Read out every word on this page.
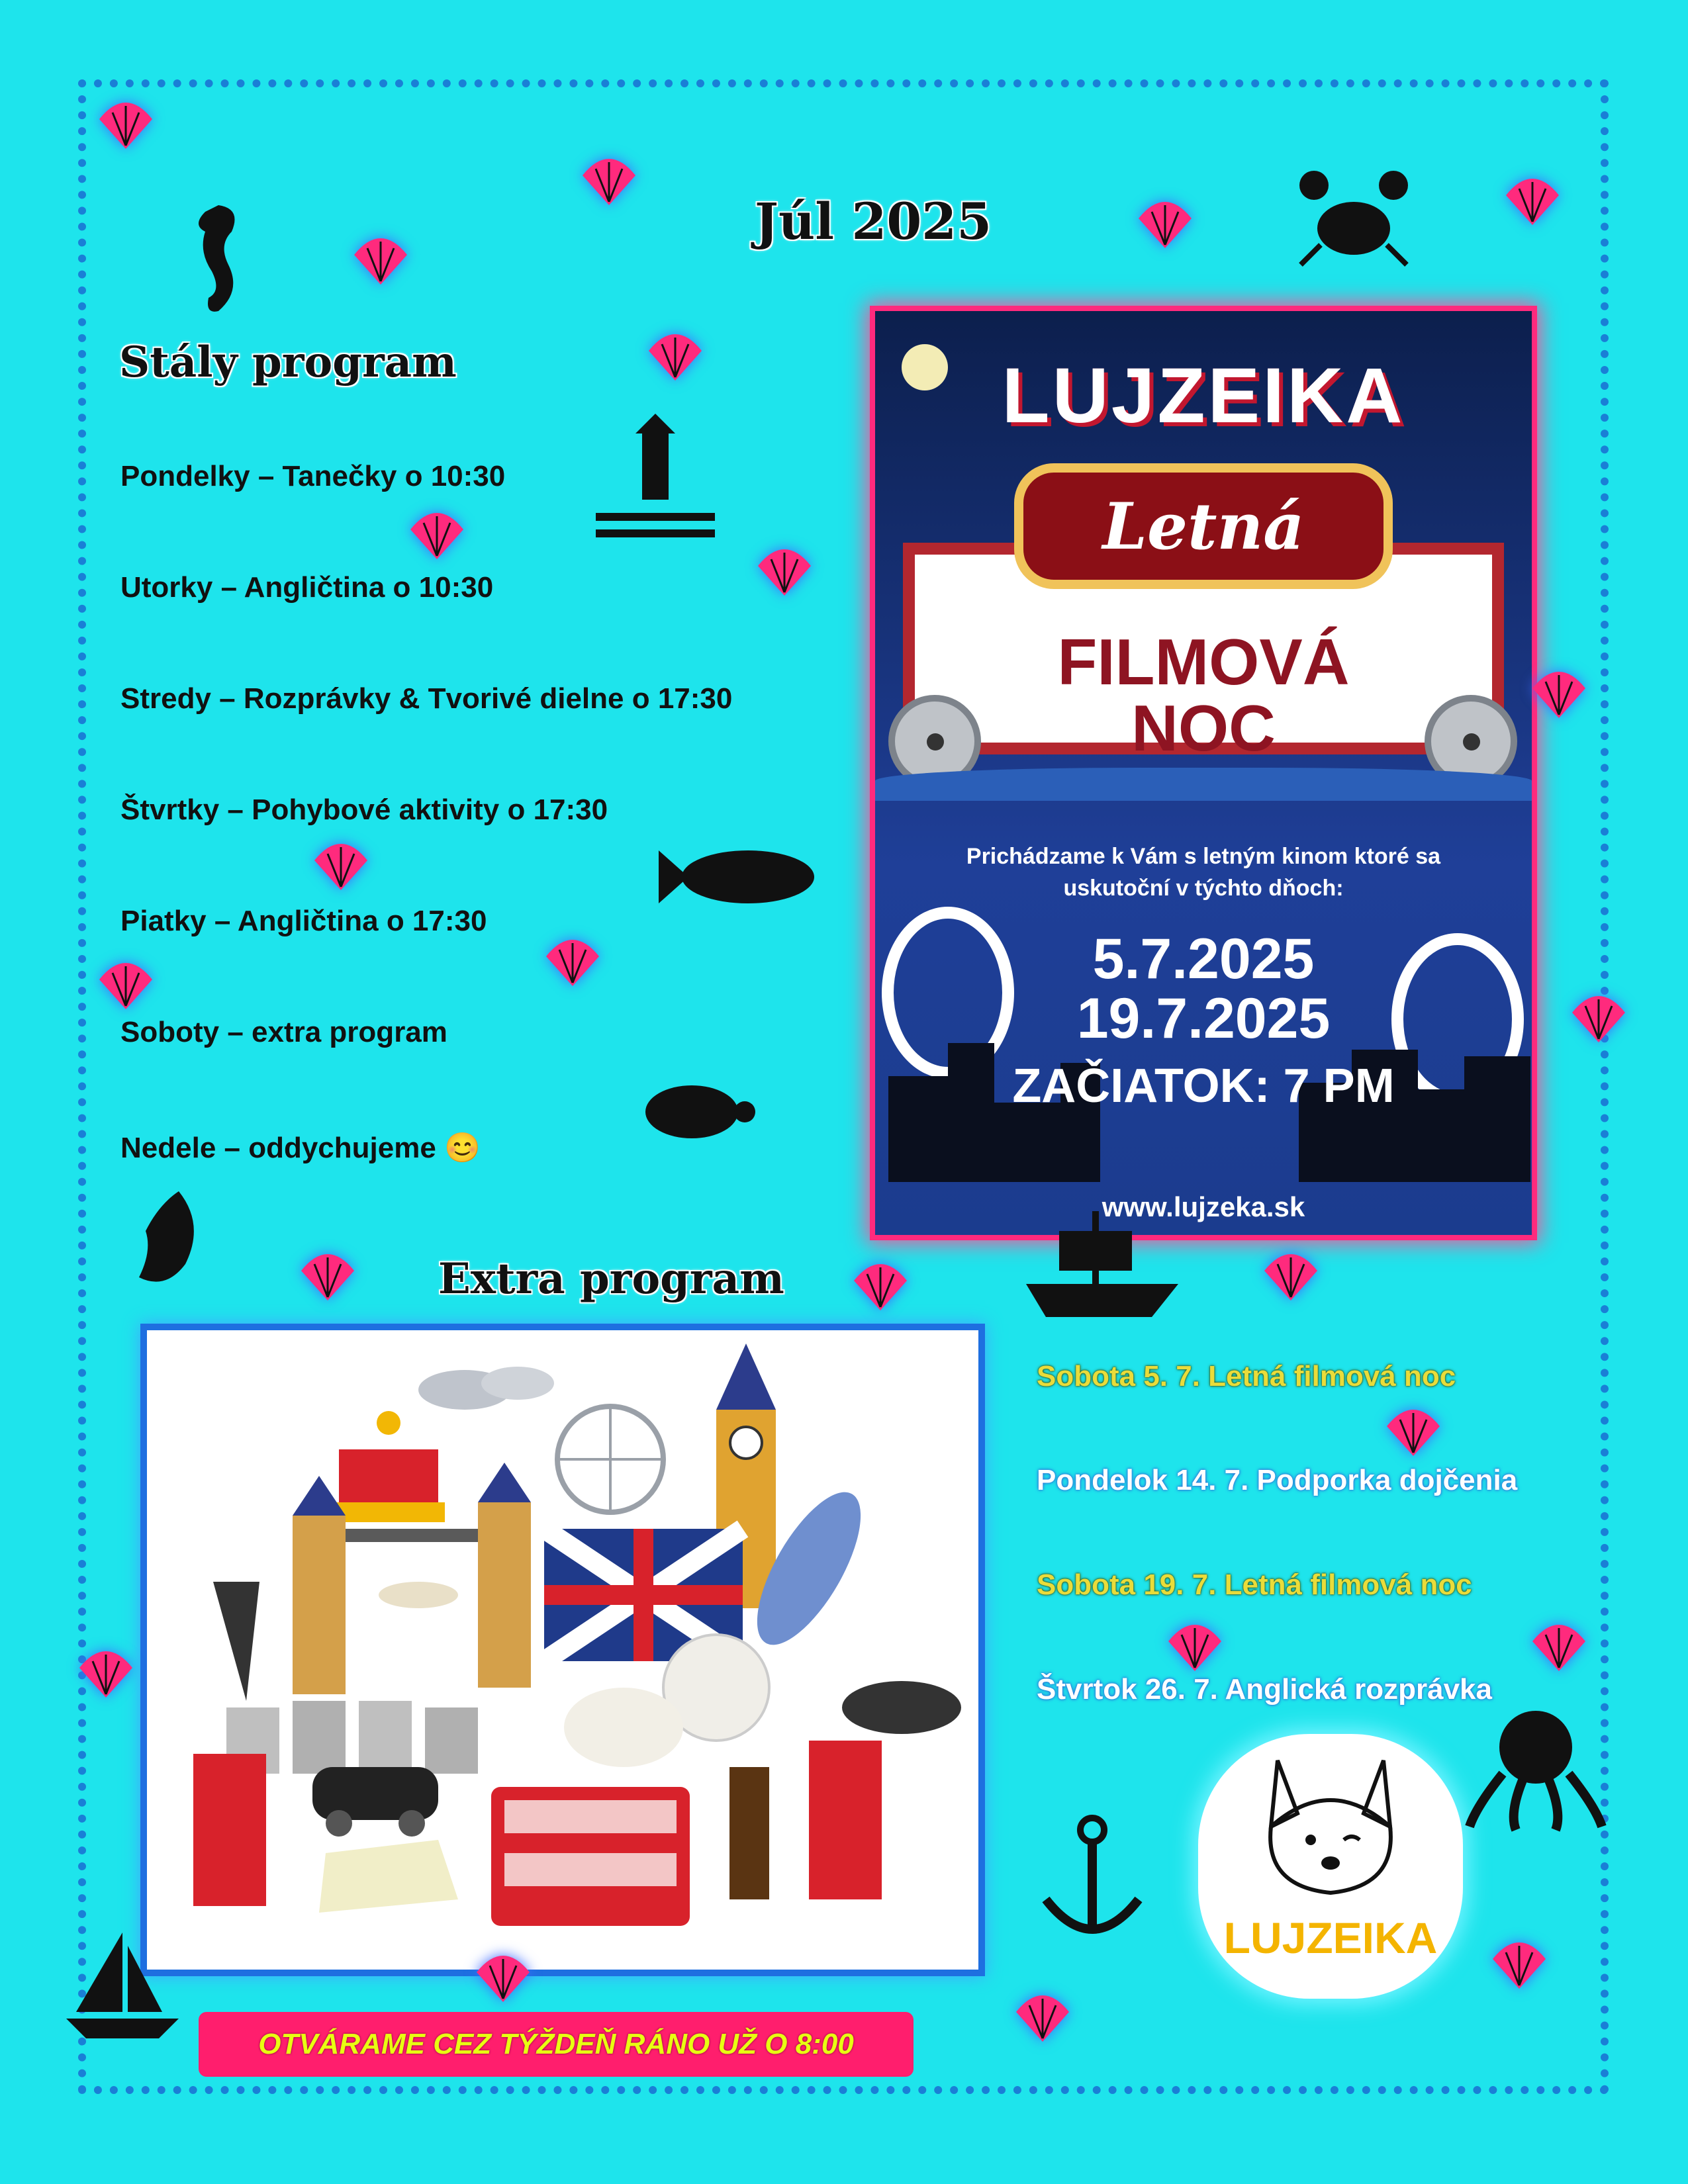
Júl 2025
Stály program
Pondelky – Tanečky o 10:30
Utorky – Angličtina o 10:30
Stredy – Rozprávky & Tvorivé dielne o 17:30
Štvrtky – Pohybové aktivity o 17:30
Piatky – Angličtina o 17:30
Soboty – extra program
Nedele – oddychujeme 😊
LUJZEIKA
Letná
FILMOVÁ
NOC
Prichádzame k Vám s letným kinom ktoré sa uskutoční v týchto dňoch:
5.7.2025
19.7.2025
ZAČIATOK: 7 PM
www.lujzeka.sk
Extra program
Sobota 5. 7. Letná filmová noc
Pondelok 14. 7. Podporka dojčenia
Sobota 19. 7. Letná filmová noc
Štvrtok 26. 7. Anglická rozprávka
LUJZEIKA
OTVÁRAME CEZ TÝŽDEŇ RÁNO UŽ O 8:00
